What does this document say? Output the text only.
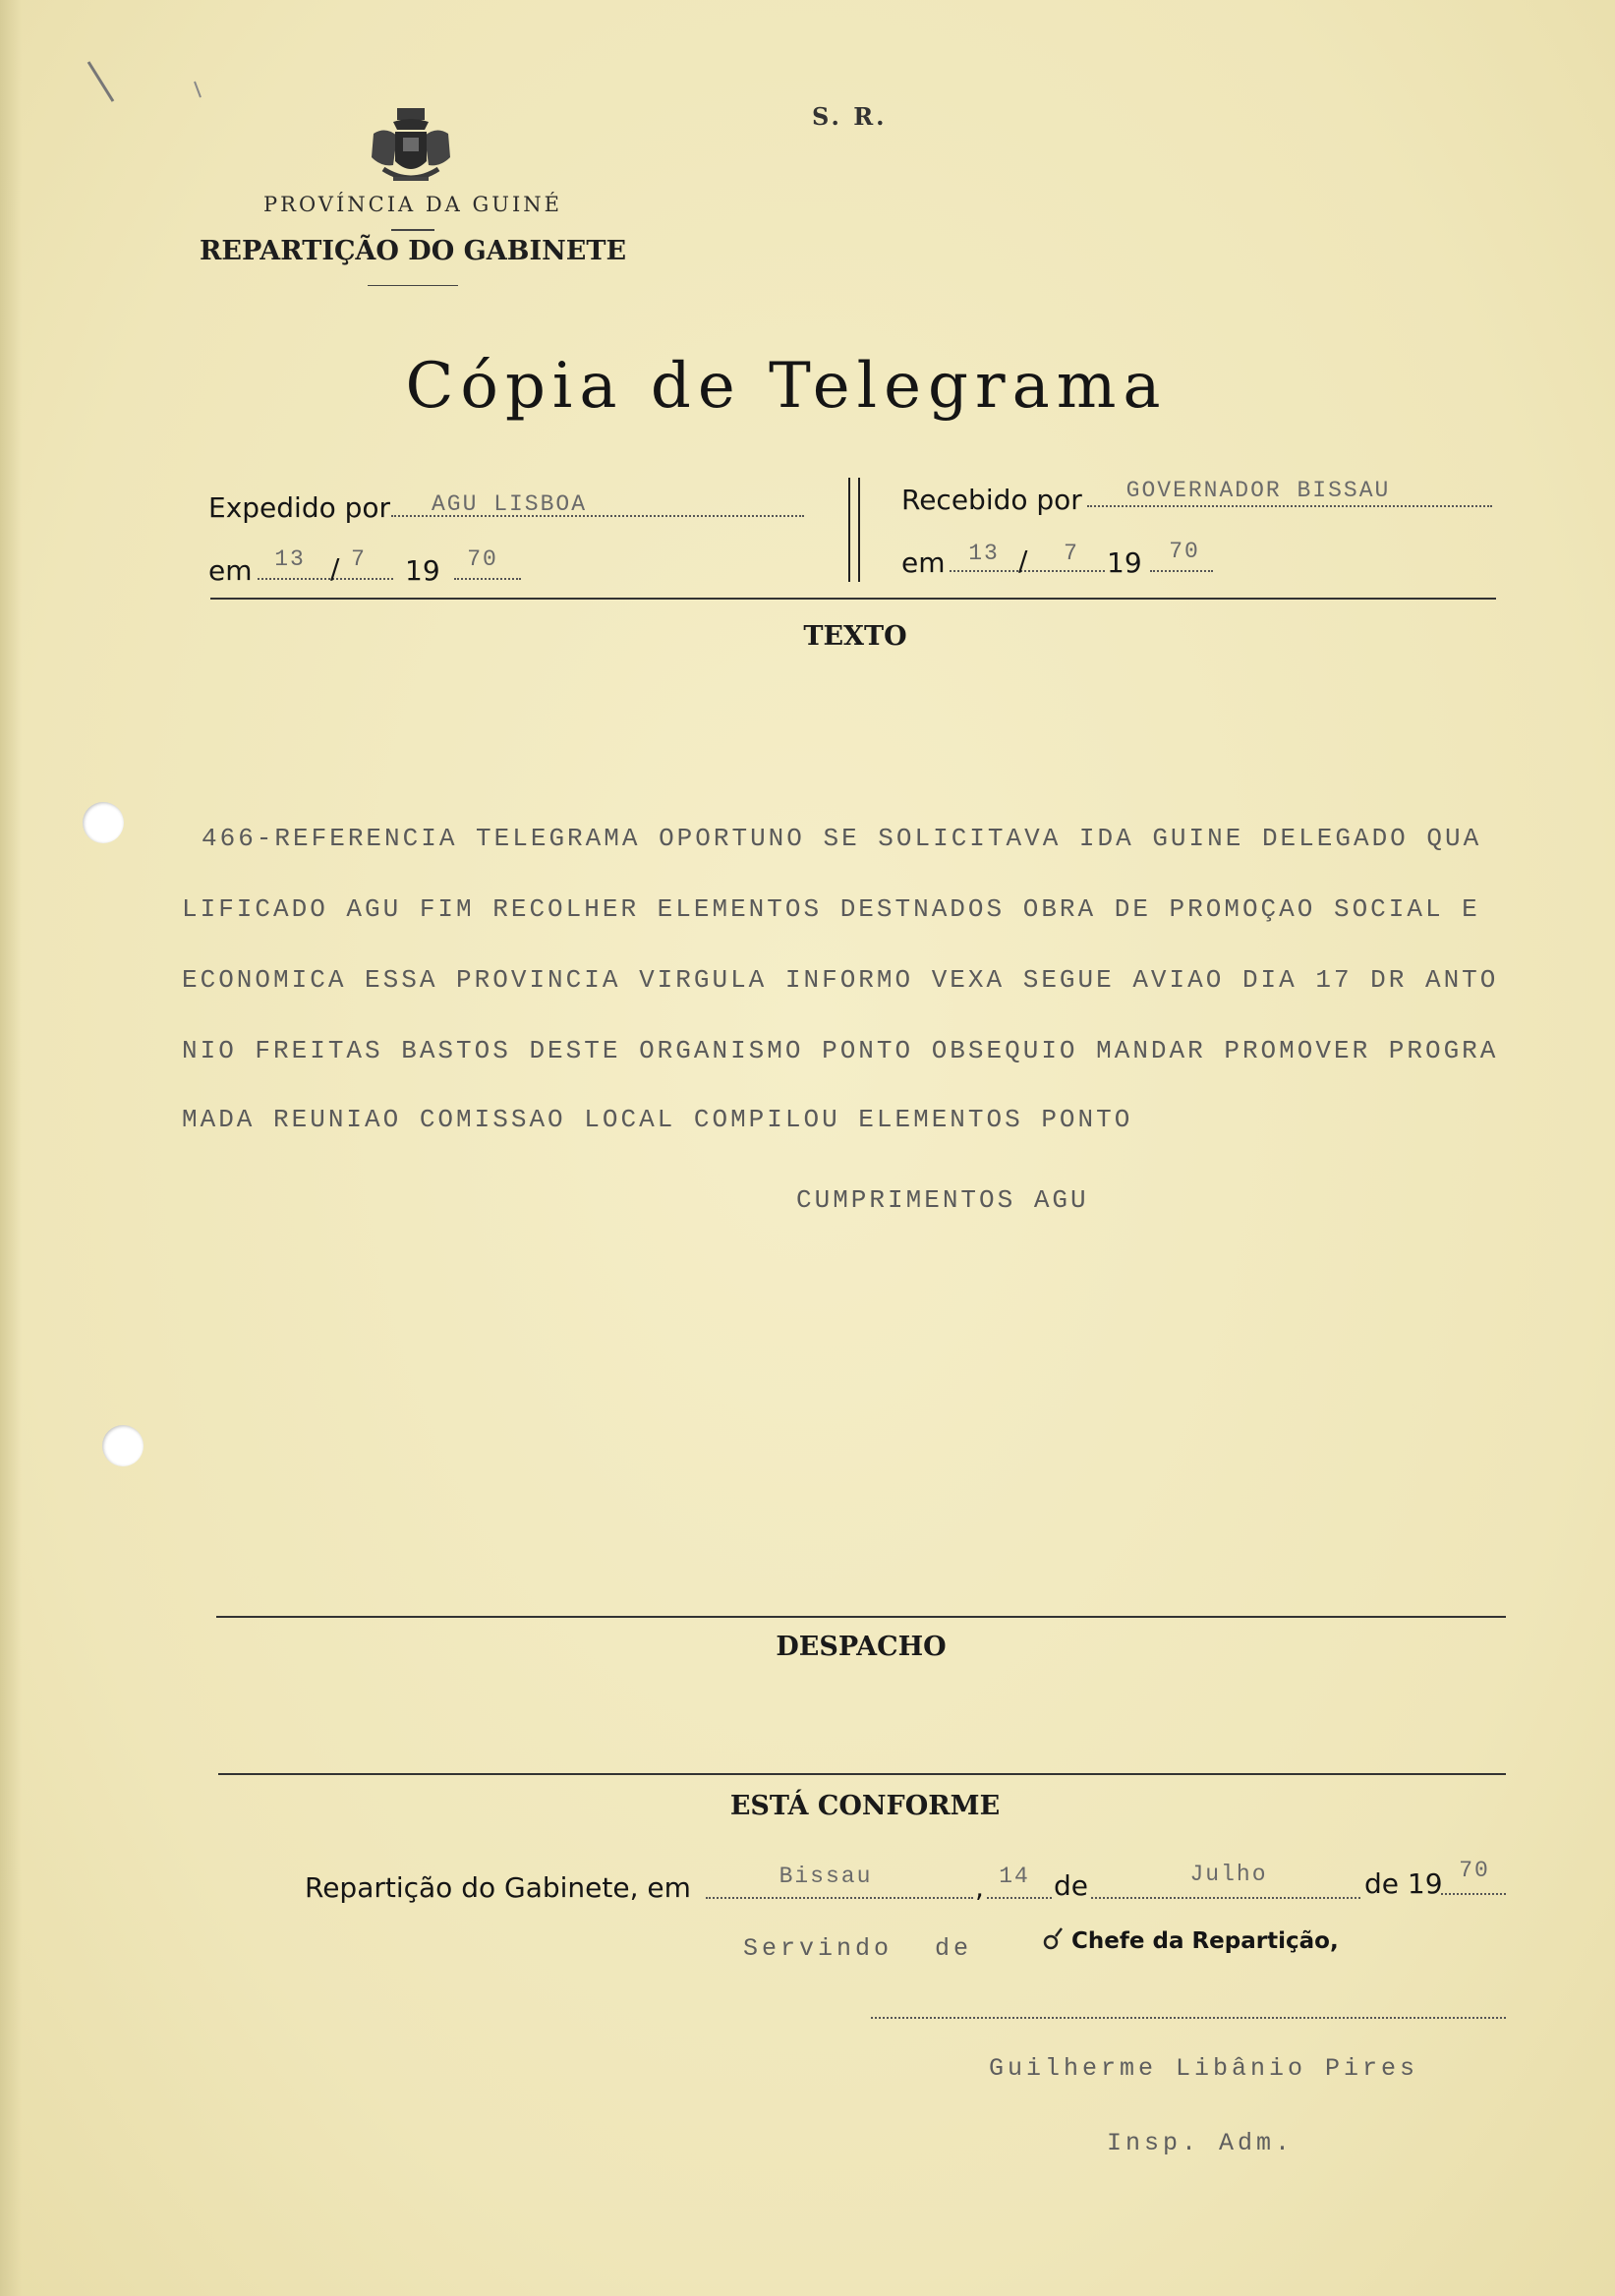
S. R.
PROVÍNCIA DA GUINÉ
REPARTIÇÃO DO GABINETE
Cópia de Telegrama
Expedido por	AGU LISBOA
em 13 / 7 19	70
Recebido por	GOVERNADOR BISSAU
em	13 /	7	19	70
TEXTO
466-REFERENCIA TELEGRAMA OPORTUNO SE SOLICITAVA IDA GUINE DELEGADO QUA
LIFICADO AGU FIM RECOLHER ELEMENTOS DESTNADOS OBRA DE PROMOÇAO SOCIAL E
ECONOMICA ESSA PROVINCIA VIRGULA INFORMO VEXA SEGUE AVIAO DIA 17 DR ANTO
NIO FREITAS BASTOS DESTE ORGANISMO PONTO OBSEQUIO MANDAR PROMOVER PROGRA
MADA REUNIAO COMISSAO LOCAL COMPILOU ELEMENTOS PONTO
CUMPRIMENTOS AGU
DESPACHO
ESTÁ CONFORME
Repartição do Gabinete, em	Bissau	, 14 de	Julho	de 19 70
Servindo de	Chefe da Repartição,
Guilherme Libânio Pires
Insp. Adm.
